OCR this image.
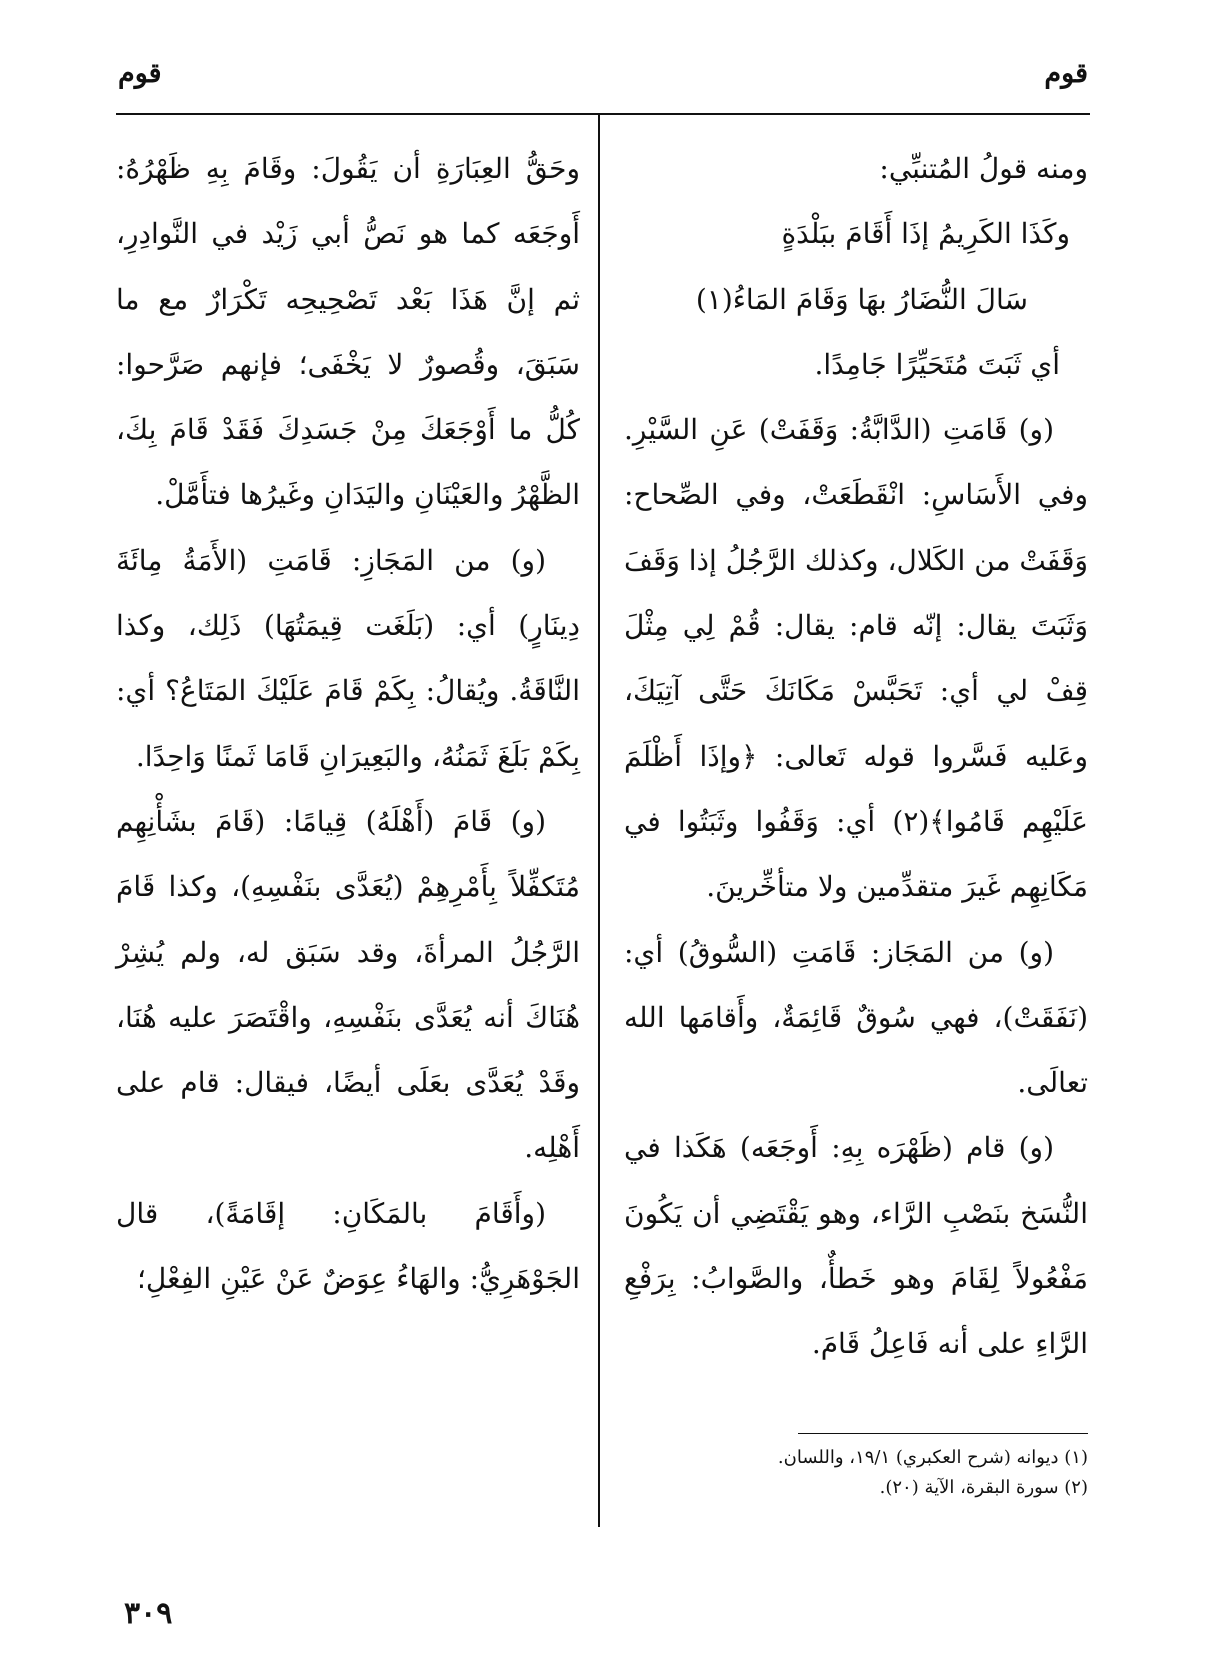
قوم
قوم

ومنه قولُ المُتنبِّي:

وكَذَا الكَرِيمُ إذَا أَقَامَ ببَلْدَةٍ

سَالَ النُّضَارُ بهَا وَقَامَ المَاءُ(١)

أي ثَبَتَ مُتَحَيِّرًا جَامِدًا.

(و) قَامَتِ (الدَّابَّةُ: وَقَفَتْ) عَنِ السَّيْرِ. وفي الأَسَاسِ: انْقَطَعَتْ، وفي الصِّحاح: وَقَفَتْ من الكَلال، وكذلك الرَّجُلُ إذا وَقَفَ وَثَبَتَ يقال: إنّه قام: يقال: قُمْ لِي مِثْلَ قِفْ لي أي: تَحَبَّسْ مَكَانَكَ حَتَّى آتِيَكَ، وعَليه فَسَّروا قوله تَعالى: ﴿وإذَا أَظْلَمَ عَلَيْهِم قَامُوا﴾(٢) أي: وَقَفُوا وثَبَتُوا في مَكَانِهِم غَيرَ متقدِّمين ولا متأخِّرينَ.

(و) من المَجَاز: قَامَتِ (السُّوقُ) أي: (نَفَقَتْ)، فهي سُوقٌ قَائِمَةٌ، وأَقامَها الله تعالَى.

(و) قام (ظَهْرَه بِهِ: أَوجَعَه) هَكَذا في النُّسَخ بنَصْبِ الرَّاء، وهو يَقْتَضِي أن يَكُونَ مَفْعُولاً لِقَامَ وهو خَطأٌ، والصَّوابُ: بِرَفْعِ الرَّاءِ على أنه فَاعِلُ قَامَ.

وحَقُّ العِبَارَةِ أن يَقُولَ: وقَامَ بِهِ ظَهْرُهُ: أَوجَعَه كما هو نَصُّ أبي زَيْد في النَّوادِرِ، ثم إنَّ هَذَا بَعْد تَصْحِيحِه تَكْرَارٌ مع ما سَبَقَ، وقُصورٌ لا يَخْفَى؛ فإنهم صَرَّحوا: كُلُّ ما أَوْجَعَكَ مِنْ جَسَدِكَ فَقَدْ قَامَ بِكَ، الظَّهْرُ والعَيْنَانِ واليَدَانِ وغَيرُها فتأَمَّلْ.

(و) من المَجَازِ: قَامَتِ (الأَمَةُ مِائَةَ دِينَارٍ) أي: (بَلَغَت قِيمَتُهَا) ذَلِك، وكذا النَّاقَةُ. ويُقالُ: بِكَمْ قَامَ عَلَيْكَ المَتَاعُ؟ أي: بِكَمْ بَلَغَ ثَمَنُهُ، والبَعِيرَانِ قَامَا ثَمنًا وَاحِدًا.

(و) قَامَ (أَهْلَهُ) قِيامًا: (قَامَ بشَأْنِهِم مُتَكفِّلاً بِأَمْرِهِمْ (يُعَدَّى بنَفْسِهِ)، وكذا قَامَ الرَّجُلُ المرأةَ، وقد سَبَق له، ولم يُشِرْ هُنَاكَ أنه يُعَدَّى بنَفْسِهِ، واقْتَصَرَ عليه هُنَا، وقَدْ يُعَدَّى بعَلَى أيضًا، فيقال: قام على أَهْلِه.

(وأَقَامَ بالمَكَانِ: إقَامَةً)، قال الجَوْهَرِيُّ: والهَاءُ عِوَضٌ عَنْ عَيْنِ الفِعْلِ؛

(١) ديوانه (شرح العكبري) ١٩/١، واللسان.
(٢) سورة البقرة، الآية (٢٠).
٣٠٩
